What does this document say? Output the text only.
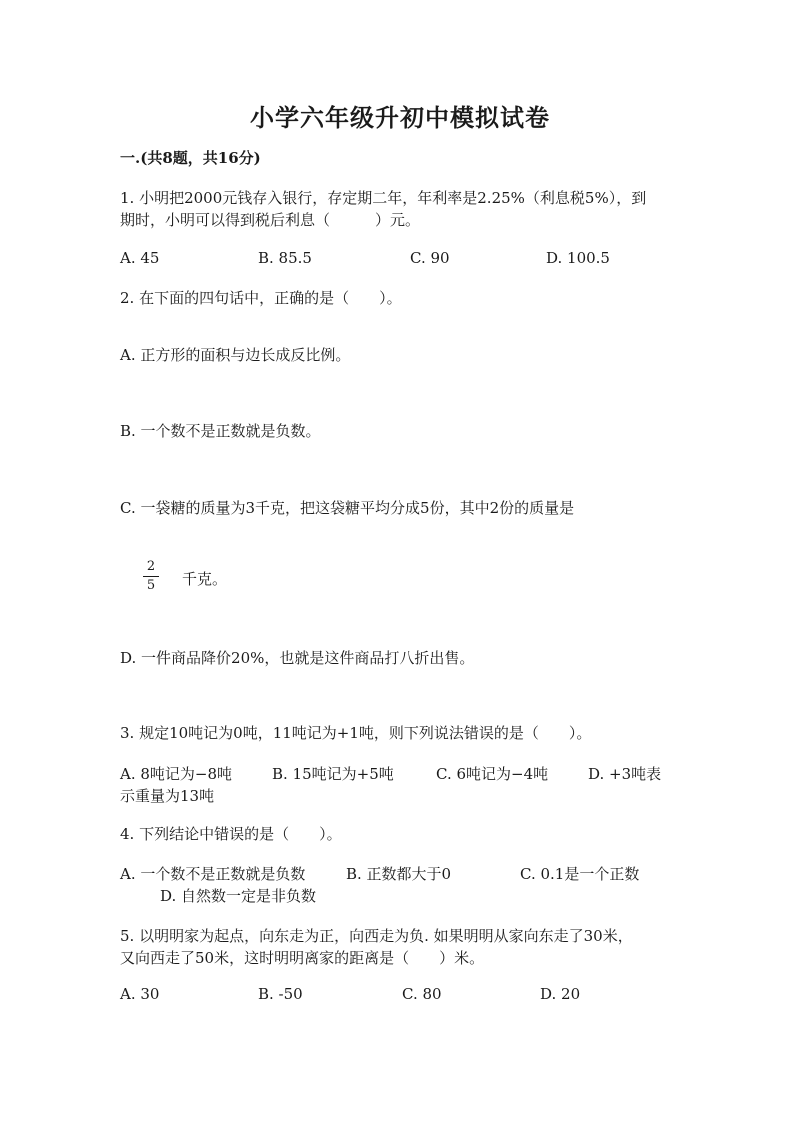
小学六年级升初中模拟试卷
一.(共8题，共16分)
1. 小明把2000元钱存入银行，存定期二年，年利率是2.25%（利息税5%），到
期时，小明可以得到税后利息（　　　）元。
A. 45	B. 85.5	C. 90	D. 100.5
2. 在下面的四句话中，正确的是（　　）。
A. 正方形的面积与边长成反比例。
B. 一个数不是正数就是负数。
C. 一袋糖的质量为3千克，把这袋糖平均分成5份，其中2份的质量是
2
5 千克。
D. 一件商品降价20%，也就是这件商品打八折出售。
3. 规定10吨记为0吨，11吨记为+1吨，则下列说法错误的是（　　）。
A. 8吨记为−8吨	B. 15吨记为+5吨	C. 6吨记为−4吨	D. +3吨表
示重量为13吨
4. 下列结论中错误的是（　　）。
A. 一个数不是正数就是负数	B. 正数都大于0	C. 0.1是一个正数
D. 自然数一定是非负数
5. 以明明家为起点，向东走为正，向西走为负. 如果明明从家向东走了30米，
又向西走了50米，这时明明离家的距离是（　　）米。
A. 30	B. -50	C. 80	D. 20
